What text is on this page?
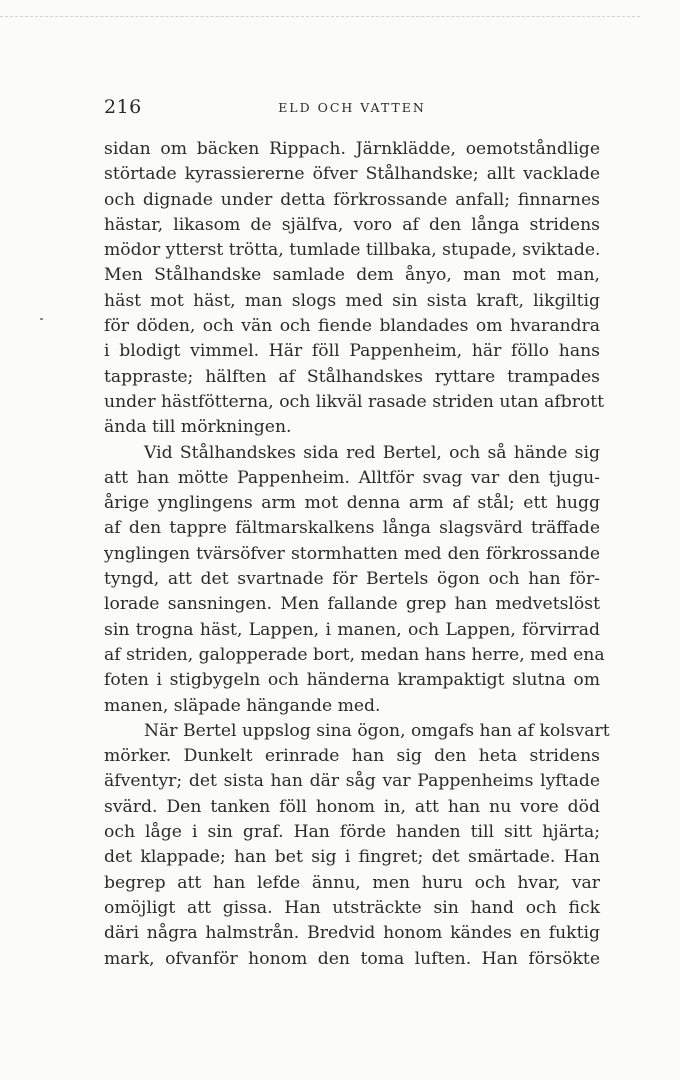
216	ELD OCH VATTEN
sidan om bäcken Rippach. Järnklädde, oemotståndlige
störtade kyrassiererne öfver Stålhandske; allt vacklade
och dignade under detta förkrossande anfall; finnarnes
hästar, likasom de själfva, voro af den långa stridens
mödor ytterst trötta, tumlade tillbaka, stupade, sviktade.
Men Stålhandske samlade dem ånyo, man mot man,
häst mot häst, man slogs med sin sista kraft, likgiltig
för döden, och vän och fiende blandades om hvarandra
i blodigt vimmel. Här föll Pappenheim, här föllo hans
tappraste; hälften af Stålhandskes ryttare trampades
under hästfötterna, och likväl rasade striden utan afbrott
ända till mörkningen.
Vid Stålhandskes sida red Bertel, och så hände sig
att han mötte Pappenheim. Alltför svag var den tjugu-
årige ynglingens arm mot denna arm af stål; ett hugg
af den tappre fältmarskalkens långa slagsvärd träffade
ynglingen tvärsöfver stormhatten med den förkrossande
tyngd, att det svartnade för Bertels ögon och han för-
lorade sansningen. Men fallande grep han medvetslöst
sin trogna häst, Lappen, i manen, och Lappen, förvirrad
af striden, galopperade bort, medan hans herre, med ena
foten i stigbygeln och händerna krampaktigt slutna om
manen, släpade hängande med.
När Bertel uppslog sina ögon, omgafs han af kolsvart
mörker. Dunkelt erinrade han sig den heta stridens
äfventyr; det sista han där såg var Pappenheims lyftade
svärd. Den tanken föll honom in, att han nu vore död
och låge i sin graf. Han förde handen till sitt hjärta;
det klappade; han bet sig i fingret; det smärtade. Han
begrep att han lefde ännu, men huru och hvar, var
omöjligt att gissa. Han utsträckte sin hand och fick
däri några halmstrån. Bredvid honom kändes en fuktig
mark, ofvanför honom den toma luften. Han försökte
